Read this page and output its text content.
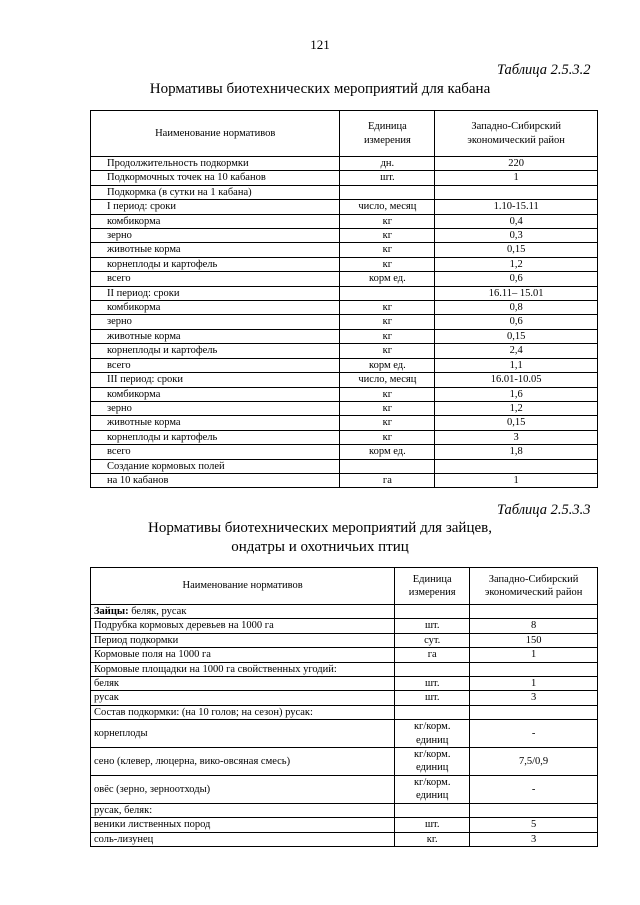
121
Таблица 2.5.3.2
Нормативы биотехнических мероприятий для кабана
Наименование нормативов	Единица измерения	Западно-Сибирский экономический район
Продолжительность подкормки	дн.	220
Подкормочных точек на 10 кабанов	шт.	1
Подкормка (в сутки на 1 кабана)		
I период: сроки	число, месяц	1.10-15.11
комбикорма	кг	0,4
зерно	кг	0,3
животные корма	кг	0,15
корнеплоды и картофель	кг	1,2
всего	корм ед.	0,6
II период: сроки		16.11– 15.01
комбикорма	кг	0,8
зерно	кг	0,6
животные корма	кг	0,15
корнеплоды и картофель	кг	2,4
всего	корм ед.	1,1
III период: сроки	число, месяц	16.01-10.05
комбикорма	кг	1,6
зерно	кг	1,2
животные корма	кг	0,15
корнеплоды и картофель	кг	3
всего	корм ед.	1,8
Создание кормовых полей		
на 10 кабанов	га	1
Таблица 2.5.3.3
Нормативы биотехнических мероприятий для зайцев,
ондатры и охотничьих птиц
Наименование нормативов	Единица измерения	Западно-Сибирский экономический район
Зайцы: беляк, русак		
Подрубка кормовых деревьев на 1000 га	шт.	8
Период подкормки	сут.	150
Кормовые поля на 1000 га	га	1
Кормовые площадки на 1000 га свойственных угодий:		
беляк	шт.	1
русак	шт.	3
Состав подкормки: (на 10 голов; на сезон) русак:		
корнеплоды	кг/корм. единиц	-
сено (клевер, люцерна, вико-овсяная смесь)	кг/корм. единиц	7,5/0,9
овёс (зерно, зерноотходы)	кг/корм. единиц	-
русак, беляк:		
веники лиственных пород	шт.	5
соль-лизунец	кг.	3
